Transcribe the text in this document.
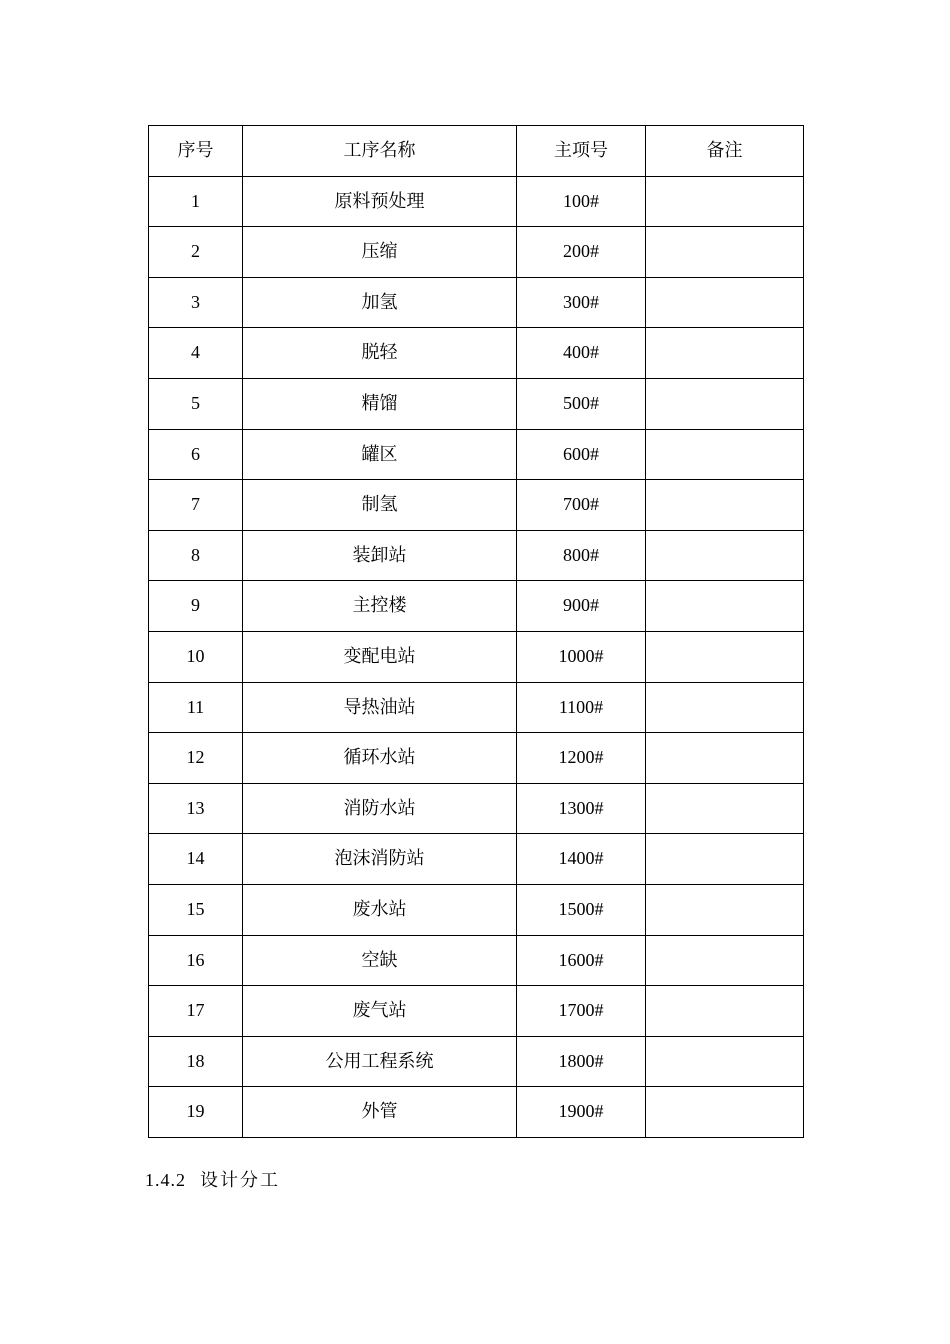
序号	工序名称	主项号	备注
1	原料预处理	100#	
2	压缩	200#	
3	加氢	300#	
4	脱轻	400#	
5	精馏	500#	
6	罐区	600#	
7	制氢	700#	
8	装卸站	800#	
9	主控楼	900#	
10	变配电站	1000#	
11	导热油站	1100#	
12	循环水站	1200#	
13	消防水站	1300#	
14	泡沫消防站	1400#	
15	废水站	1500#	
16	空缺	1600#	
17	废气站	1700#	
18	公用工程系统	1800#	
19	外管	1900#	
1.4.2 设计分工
